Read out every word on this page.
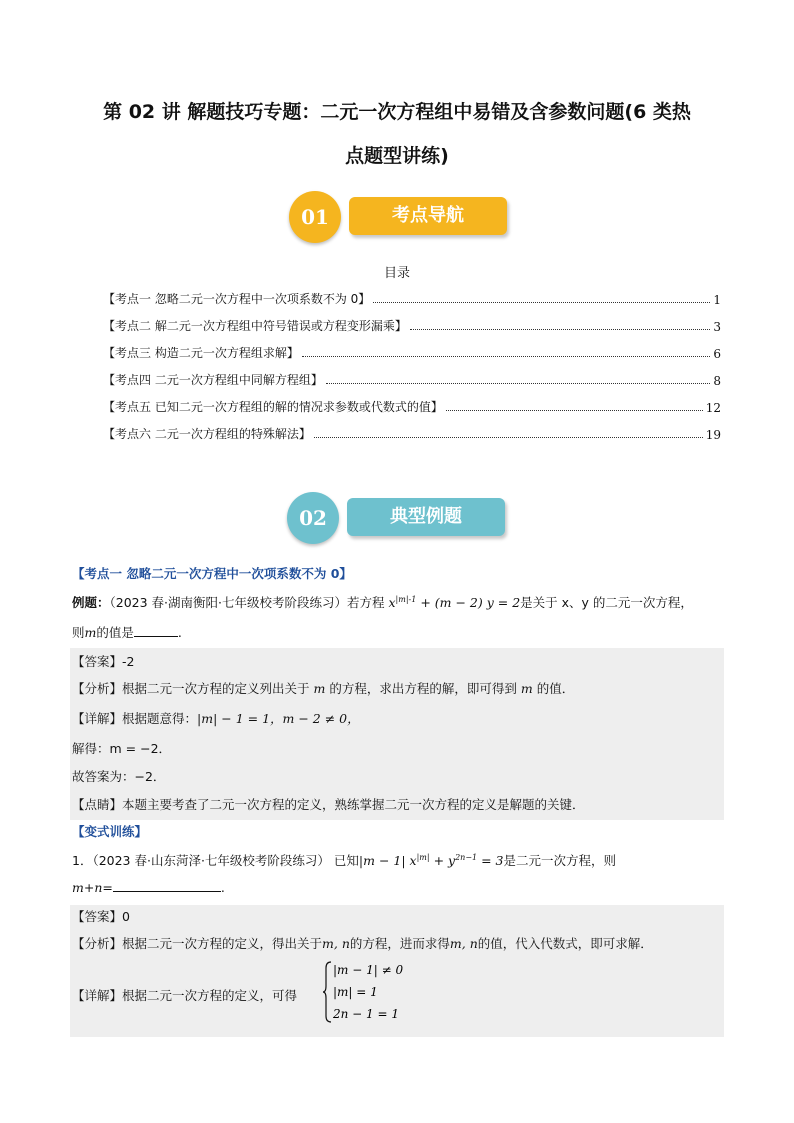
第 02 讲 解题技巧专题：二元一次方程组中易错及含参数问题(6 类热
点题型讲练)
01	考点导航
目录
【考点一 忽略二元一次方程中一次项系数不为 0】	1
【考点二 解二元一次方程组中符号错误或方程变形漏乘】	3
【考点三 构造二元一次方程组求解】	6
【考点四 二元一次方程组中同解方程组】	8
【考点五 已知二元一次方程组的解的情况求参数或代数式的值】	12
【考点六 二元一次方程组的特殊解法】	19
02	典型例题
【考点一 忽略二元一次方程中一次项系数不为 0】
例题：（2023 春·湖南衡阳·七年级校考阶段练习）若方程 $x^{|m|-1} + (m - 2) y = 2$是关于 x、y 的二元一次方程，
则m的值是	.
【答案】-2
【分析】根据二元一次方程的定义列出关于 m 的方程，求出方程的解，即可得到 m 的值．
【详解】根据题意得：|m| − 1 = 1，m − 2 ≠ 0，
解得：m = −2．
故答案为：−2．
【点睛】本题主要考查了二元一次方程的定义，熟练掌握二元一次方程的定义是解题的关键．
【变式训练】
1．（2023 春·山东菏泽·七年级校考阶段练习） 已知|m − 1| $x^{|m|} + y^{2n-1} = 3$是二元一次方程，则
m+n=	.
【答案】0
【分析】根据二元一次方程的定义，得出关于m, n的方程，进而求得m, n的值，代入代数式，即可求解．
【详解】根据二元一次方程的定义，可得
|m − 1| ≠ 0
|m| = 1
2n − 1 = 1
